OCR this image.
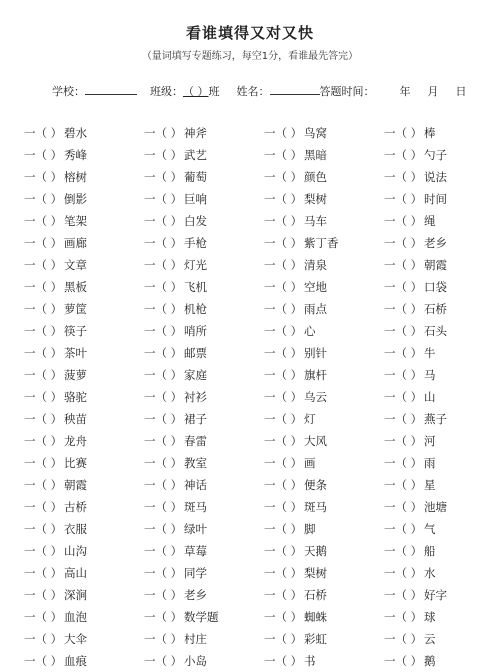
看谁填得又对又快
（量词填写专题练习，每空1分，看谁最先答完）
学校：	班级：（ ）班 姓名：	答题时间： 年 月 日
一（ ） 碧水	一（ ） 神斧	一（ ） 鸟窝	一（ ） 棒
一（ ） 秀峰	一（ ） 武艺	一（ ） 黑暗	一（ ） 勺子
一（ ） 榕树	一（ ） 葡萄	一（ ） 颜色	一（ ） 说法
一（ ） 倒影	一（ ） 巨响	一（ ） 梨树	一（ ） 时间
一（ ） 笔架	一（ ） 白发	一（ ） 马车	一（ ） 绳
一（ ） 画廊	一（ ） 手枪	一（ ） 紫丁香	一（ ） 老乡
一（ ） 文章	一（ ） 灯光	一（ ） 清泉	一（ ） 朝霞
一（ ） 黑板	一（ ） 飞机	一（ ） 空地	一（ ） 口袋
一（ ） 萝筐	一（ ） 机枪	一（ ） 雨点	一（ ） 石桥
一（ ） 筷子	一（ ） 哨所	一（ ） 心	一（ ） 石头
一（ ） 茶叶	一（ ） 邮票	一（ ） 别针	一（ ） 牛
一（ ） 菠萝	一（ ） 家庭	一（ ） 旗杆	一（ ） 马
一（ ） 骆驼	一（ ） 衬衫	一（ ） 乌云	一（ ） 山
一（ ） 秧苗	一（ ） 裙子	一（ ） 灯	一（ ） 燕子
一（ ） 龙舟	一（ ） 春雷	一（ ） 大风	一（ ） 河
一（ ） 比赛	一（ ） 教室	一（ ） 画	一（ ） 雨
一（ ） 朝霞	一（ ） 神话	一（ ） 便条	一（ ） 星
一（ ） 古桥	一（ ） 斑马	一（ ） 斑马	一（ ） 池塘
一（ ） 衣服	一（ ） 绿叶	一（ ） 脚	一（ ） 气
一（ ） 山沟	一（ ） 草莓	一（ ） 天鹅	一（ ） 船
一（ ） 高山	一（ ） 同学	一（ ） 梨树	一（ ） 水
一（ ） 深涧	一（ ） 老乡	一（ ） 石桥	一（ ） 好字
一（ ） 血泡	一（ ） 数学题	一（ ） 蜘蛛	一（ ） 球
一（ ） 大伞	一（ ） 村庄	一（ ） 彩虹	一（ ） 云
一（ ） 血痕	一（ ） 小岛	一（ ） 书	一（ ） 鹅
